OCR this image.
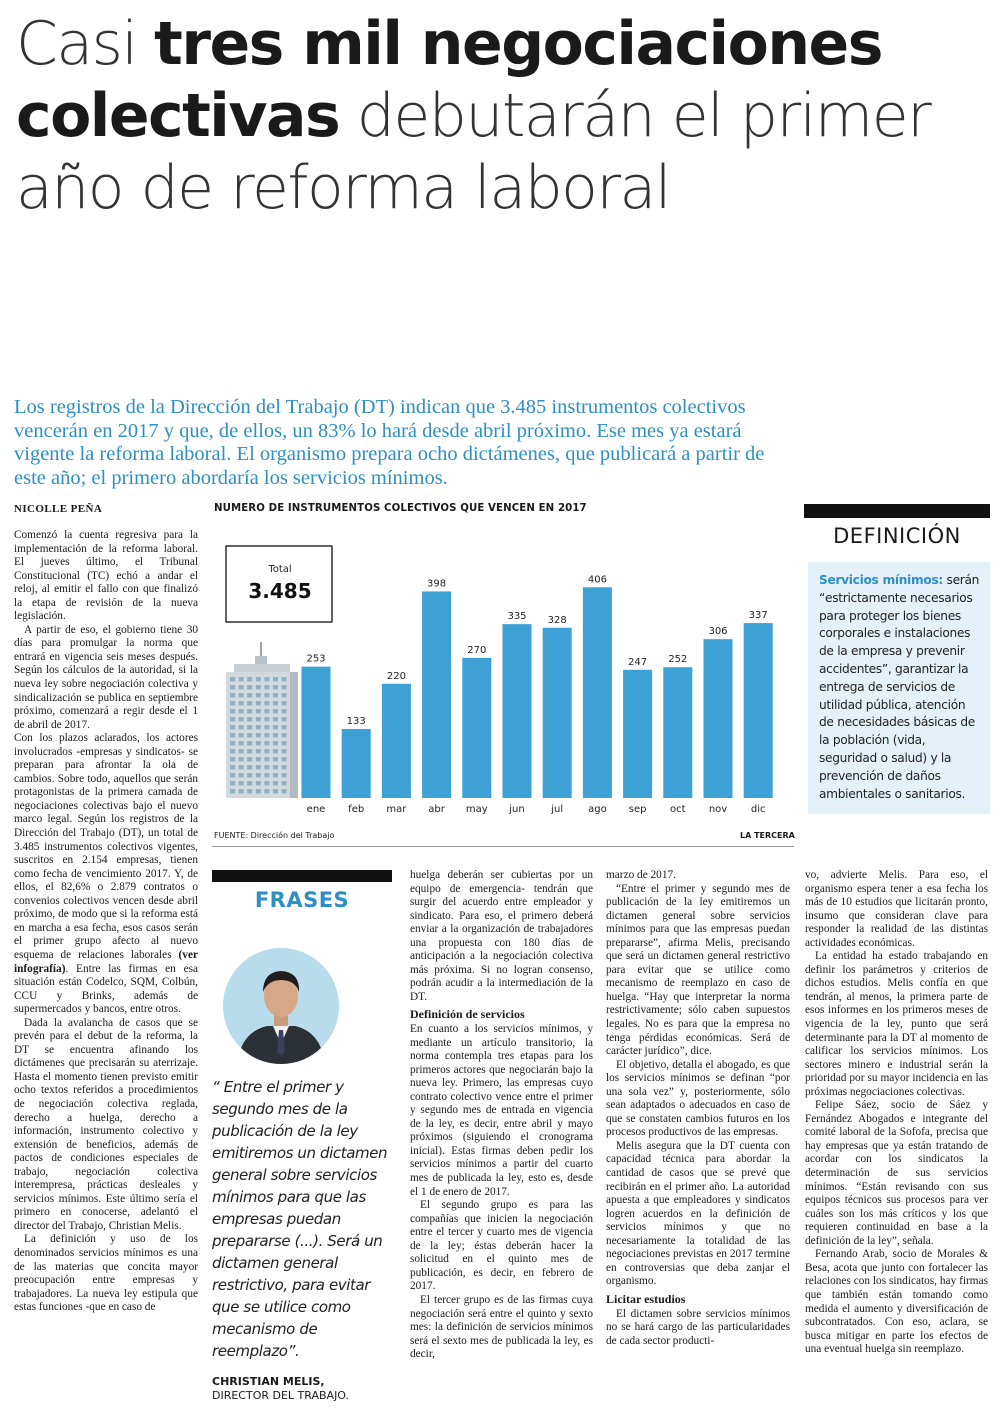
Casi tres mil negociaciones colectivas debutarán el primer año de reforma laboral
Los registros de la Dirección del Trabajo (DT) indican que 3.485 instrumentos colectivos vencerán en 2017 y que, de ellos, un 83% lo hará desde abril próximo. Ese mes ya estará vigente la reforma laboral. El organismo prepara ocho dictámenes, que publicará a partir de este año; el primero abordaría los servicios mínimos.
NICOLLE PEÑA

Comenzó la cuenta regresiva para la implementación de la reforma laboral. El jueves último, el Tribunal Constitucional (TC) echó a andar el reloj, al emitir el fallo con que finalizó la etapa de revisión de la nueva legislación.

A partir de eso, el gobierno tiene 30 días para promulgar la norma que entrará en vigencia seis meses después. Según los cálculos de la autoridad, si la nueva ley sobre negociación colectiva y sindicalización se publica en septiembre próximo, comenzará a regir desde el 1 de abril de 2017.

Con los plazos aclarados, los actores involucrados -empresas y sindicatos- se preparan para afrontar la ola de cambios. Sobre todo, aquellos que serán protagonistas de la primera camada de negociaciones colectivas bajo el nuevo marco legal. Según los registros de la Dirección del Trabajo (DT), un total de 3.485 instrumentos colectivos vigentes, suscritos en 2.154 empresas, tienen como fecha de vencimiento 2017. Y, de ellos, el 82,6% o 2.879 contratos o convenios colectivos vencen desde abril próximo, de modo que si la reforma está en marcha a esa fecha, esos casos serán el primer grupo afecto al nuevo esquema de relaciones laborales (ver infografía). Entre las firmas en esa situación están Codelco, SQM, Colbún, CCU y Brinks, además de supermercados y bancos, entre otros.

Dada la avalancha de casos que se prevén para el debut de la reforma, la DT se encuentra afinando los dictámenes que precisarán su aterrizaje. Hasta el momento tienen previsto emitir ocho textos referidos a procedimientos de negociación colectiva reglada, derecho a huelga, derecho a información, instrumento colectivo y extensión de beneficios, además de pactos de condiciones especiales de trabajo, negociación colectiva interempresa, prácticas desleales y servicios mínimos. Este último sería el primero en conocerse, adelantó el director del Trabajo, Christian Melis.

La definición y uso de los denominados servicios mínimos es una de las materias que concita mayor preocupación entre empresas y trabajadores. La nueva ley estipula que estas funciones -que en caso de

NUMERO DE INSTRUMENTOS COLECTIVOS QUE VENCEN EN 2017
Total
3.485
253
133
220
398
270
335 328
406
247 252
306
337
ene feb mar abr may jun	jul ago sep oct nov dic
FUENTE: Dirección del Trabajo	LA TERCERA
DEFINICIÓN
Servicios mínimos: serán “estrictamente necesarios para proteger los bienes corporales e instalaciones de la empresa y prevenir accidentes”, garantizar la entrega de servicios de utilidad pública, atención de necesidades básicas de la población (vida, seguridad o salud) y la prevención de daños ambientales o sanitarios.
FRASES
“ Entre el primer y segundo mes de la publicación de la ley emitiremos un dictamen general sobre servicios mínimos para que las empresas puedan prepararse (...). Será un dictamen general restrictivo, para evitar que se utilice como mecanismo de reemplazo”.
CHRISTIAN MELIS,
DIRECTOR DEL TRABAJO.

huelga deberán ser cubiertas por un equipo de emergencia- tendrán que surgir del acuerdo entre empleador y sindicato. Para eso, el primero deberá enviar a la organización de trabajadores una propuesta con 180 días de anticipación a la negociación colectiva más próxima. Si no logran consenso, podrán acudir a la intermediación de la DT.

Definición de servicios

En cuanto a los servicios mínimos, y mediante un artículo transitorio, la norma contempla tres etapas para los primeros actores que negociarán bajo la nueva ley. Primero, las empresas cuyo contrato colectivo vence entre el primer y segundo mes de entrada en vigencia de la ley, es decir, entre abril y mayo próximos (siguiendo el cronograma inicial). Estas firmas deben pedir los servicios mínimos a partir del cuarto mes de publicada la ley, esto es, desde el 1 de enero de 2017.

El segundo grupo es para las compañías que inicien la negociación entre el tercer y cuarto mes de vigencia de la ley; éstas deberán hacer la solicitud en el quinto mes de publicación, es decir, en febrero de 2017.

El tercer grupo es de las firmas cuya negociación será entre el quinto y sexto mes: la definición de servicios mínimos será el sexto mes de publicada la ley, es decir,

marzo de 2017.

“Entre el primer y segundo mes de publicación de la ley emitiremos un dictamen general sobre servicios mínimos para que las empresas puedan prepararse”, afirma Melis, precisando que será un dictamen general restrictivo para evitar que se utilice como mecanismo de reemplazo en caso de huelga. “Hay que interpretar la norma restrictivamente; sólo caben supuestos legales. No es para que la empresa no tenga pérdidas económicas. Será de carácter jurídico”, dice.

El objetivo, detalla el abogado, es que los servicios mínimos se definan “por una sola vez” y, posteriormente, sólo sean adaptados o adecuados en caso de que se constaten cambios futuros en los procesos productivos de las empresas.

Melis asegura que la DT cuenta con capacidad técnica para abordar la cantidad de casos que se prevé que recibirán en el primer año. La autoridad apuesta a que empleadores y sindicatos logren acuerdos en la definición de servicios mínimos y que no necesariamente la totalidad de las negociaciones previstas en 2017 termine en controversias que deba zanjar el organismo.

Licitar estudios

El dictamen sobre servicios mínimos no se hará cargo de las particularidades de cada sector producti-

vo, advierte Melis. Para eso, el organismo espera tener a esa fecha los más de 10 estudios que licitarán pronto, insumo que consideran clave para responder la realidad de las distintas actividades económicas.

La entidad ha estado trabajando en definir los parámetros y criterios de dichos estudios. Melis confía en que tendrán, al menos, la primera parte de esos informes en los primeros meses de vigencia de la ley, punto que será determinante para la DT al momento de calificar los servicios mínimos. Los sectores minero e industrial serán la prioridad por su mayor incidencia en las próximas negociaciones colectivas.

Felipe Sáez, socio de Sáez y Fernández Abogados e integrante del comité laboral de la Sofofa, precisa que hay empresas que ya están tratando de acordar con los sindicatos la determinación de sus servicios mínimos. “Están revisando con sus equipos técnicos sus procesos para ver cuáles son los más críticos y los que requieren continuidad en base a la definición de la ley”, señala.

Fernando Arab, socio de Morales & Besa, acota que junto con fortalecer las relaciones con los sindicatos, hay firmas que también están tomando como medida el aumento y diversificación de subcontratados. Con eso, aclara, se busca mitigar en parte los efectos de una eventual huelga sin reemplazo.
